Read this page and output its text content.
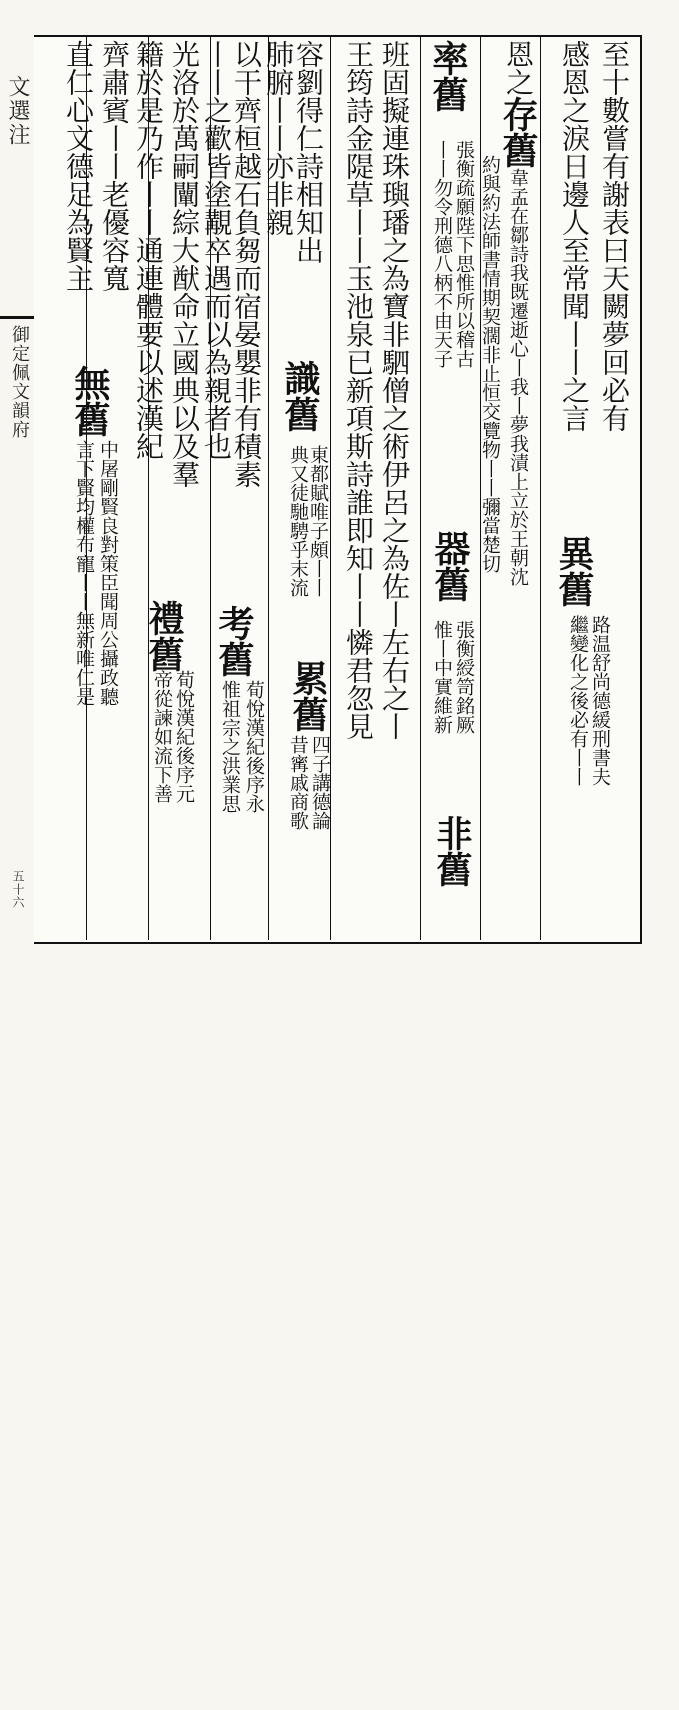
文選注
御定佩文韻府
五十六
至十數嘗有謝表曰天闕夢回必有
感恩之淚日邊人至常聞丨丨之言
恩之存舊韋孟在鄒詩我既遷逝心丨我丨夢我漬上立於王朝沈
約與約法師書情期契濶非止恒交覽物丨丨彌當楚切
率舊
張衡疏願陛下思惟所以稽古
丨丨勿令刑德八柄不由天子
器舊
張衡綬笥銘厥
惟丨中實維新
非舊
班固擬連珠璵璠之為寶非駟僧之術伊呂之為佐丨左右之丨
王筠詩金隄草丨丨玉池泉已新項斯詩誰即知丨丨憐君忽見
容劉得仁詩相知出
肺腑丨丨亦非親
識舊
東都賦唯子頗丨丨
典又徒馳騁乎末流
累舊
四子講德論
昔寗戚商歌
以干齊桓越石負芻而宿晏嬰非有積素
丨丨之歡皆塗覯卒遇而以為親者也
考舊
荀悅漢紀後序永
惟祖宗之洪業思
光洛於萬嗣闡綜大猷命立國典以及羣
籍於是乃作丨丨通連體要以述漢紀
禮舊
荀悅漢紀後序元
帝從諫如流下善
齊肅賓丨丨老優容寬
直仁心文德足為賢主
無舊
中屠剛賢良對策臣聞周公攝政聽
言下賢均權布寵丨丨無新唯仁是	異舊
路温舒尚德緩刑書夫
繼變化之後必有丨丨
